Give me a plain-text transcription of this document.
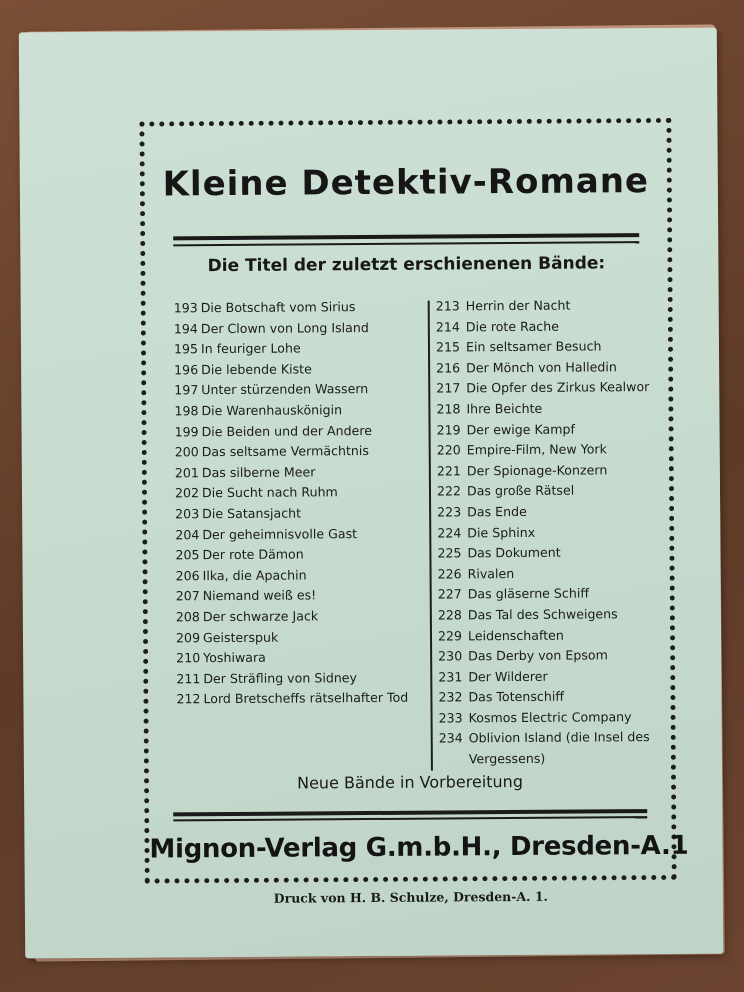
Kleine Detektiv-Romane
Die Titel der zuletzt erschienenen Bände:
193 Die Botschaft vom Sirius
194 Der Clown von Long Island
195 In feuriger Lohe
196 Die lebende Kiste
197 Unter stürzenden Wassern
198 Die Warenhauskönigin
199 Die Beiden und der Andere
200 Das seltsame Vermächtnis
201 Das silberne Meer
202 Die Sucht nach Ruhm
203 Die Satansjacht
204 Der geheimnisvolle Gast
205 Der rote Dämon
206 Ilka, die Apachin
207 Niemand weiß es!
208 Der schwarze Jack
209 Geisterspuk
210 Yoshiwara
211 Der Sträfling von Sidney
212 Lord Bretscheffs rätselhafter Tod
213 Herrin der Nacht
214 Die rote Rache
215 Ein seltsamer Besuch
216 Der Mönch von Halledin
217 Die Opfer des Zirkus Kealwor
218 Ihre Beichte
219 Der ewige Kampf
220 Empire-Film, New York
221 Der Spionage-Konzern
222 Das große Rätsel
223 Das Ende
224 Die Sphinx
225 Das Dokument
226 Rivalen
227 Das gläserne Schiff
228 Das Tal des Schweigens
229 Leidenschaften
230 Das Derby von Epsom
231 Der Wilderer
232 Das Totenschiff
233 Kosmos Electric Company
234 Oblivion Island (die Insel des Vergessens)
Neue Bände in Vorbereitung
Mignon-Verlag G.m.b.H., Dresden-A.1
Druck von H. B. Schulze, Dresden-A. 1.
